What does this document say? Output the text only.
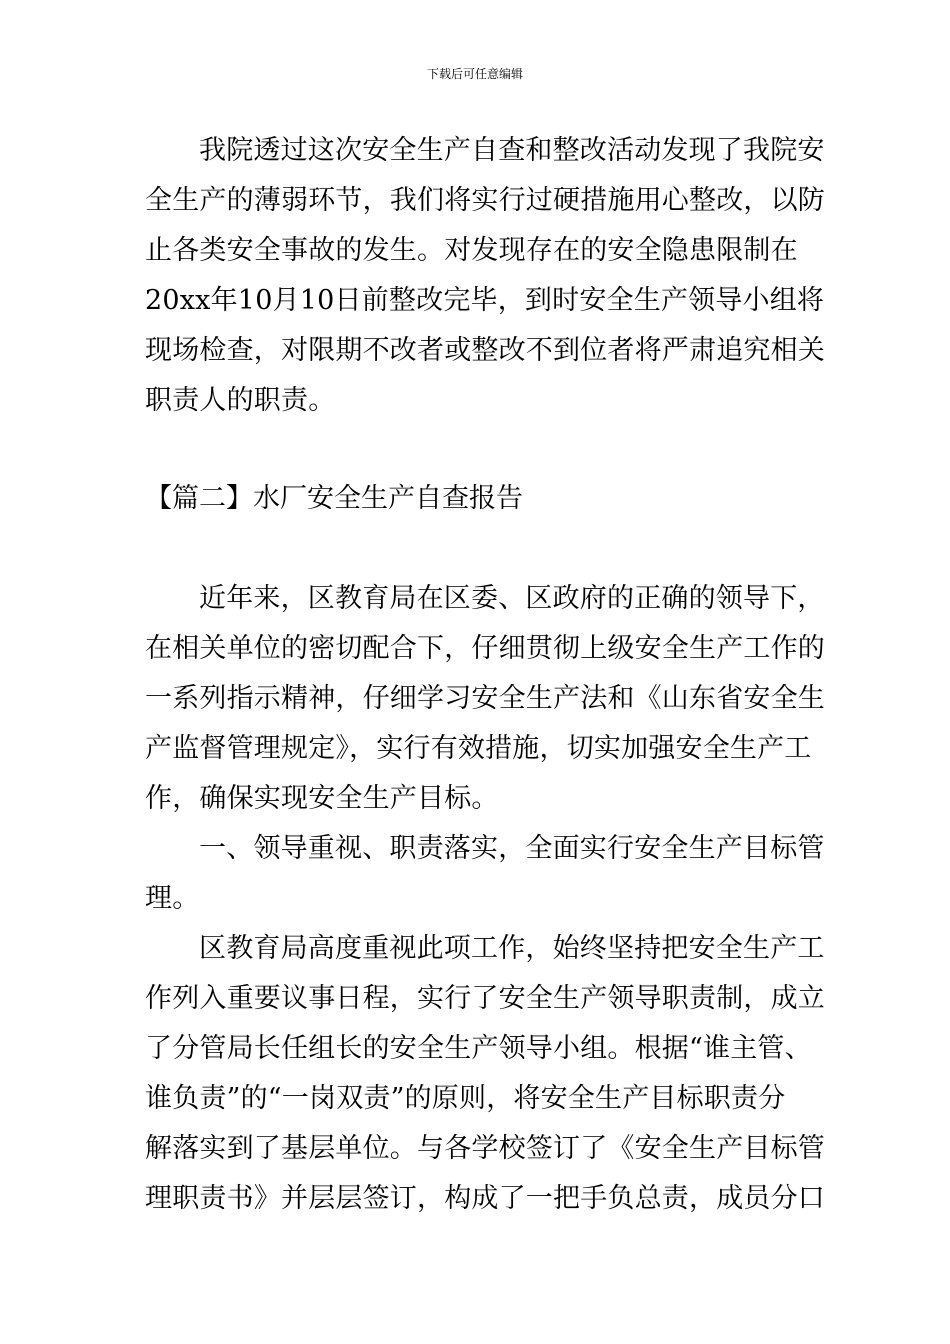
下载后可任意编辑
我院透过这次安全生产自查和整改活动发现了我院安
全生产的薄弱环节，我们将实行过硬措施用心整改，以防
止各类安全事故的发生。对发现存在的安全隐患限制在
20xx年10月10日前整改完毕，到时安全生产领导小组将
现场检查，对限期不改者或整改不到位者将严肃追究相关
职责人的职责。
【篇二】水厂安全生产自查报告
近年来，区教育局在区委、区政府的正确的领导下，
在相关单位的密切配合下，仔细贯彻上级安全生产工作的
一系列指示精神，仔细学习安全生产法和《山东省安全生
产监督管理规定》，实行有效措施，切实加强安全生产工
作，确保实现安全生产目标。
一、领导重视、职责落实，全面实行安全生产目标管
理。
区教育局高度重视此项工作，始终坚持把安全生产工
作列入重要议事日程，实行了安全生产领导职责制，成立
了分管局长任组长的安全生产领导小组。根据“谁主管、
谁负责”的“一岗双责”的原则，将安全生产目标职责分
解落实到了基层单位。与各学校签订了《安全生产目标管
理职责书》并层层签订，构成了一把手负总责，成员分口
